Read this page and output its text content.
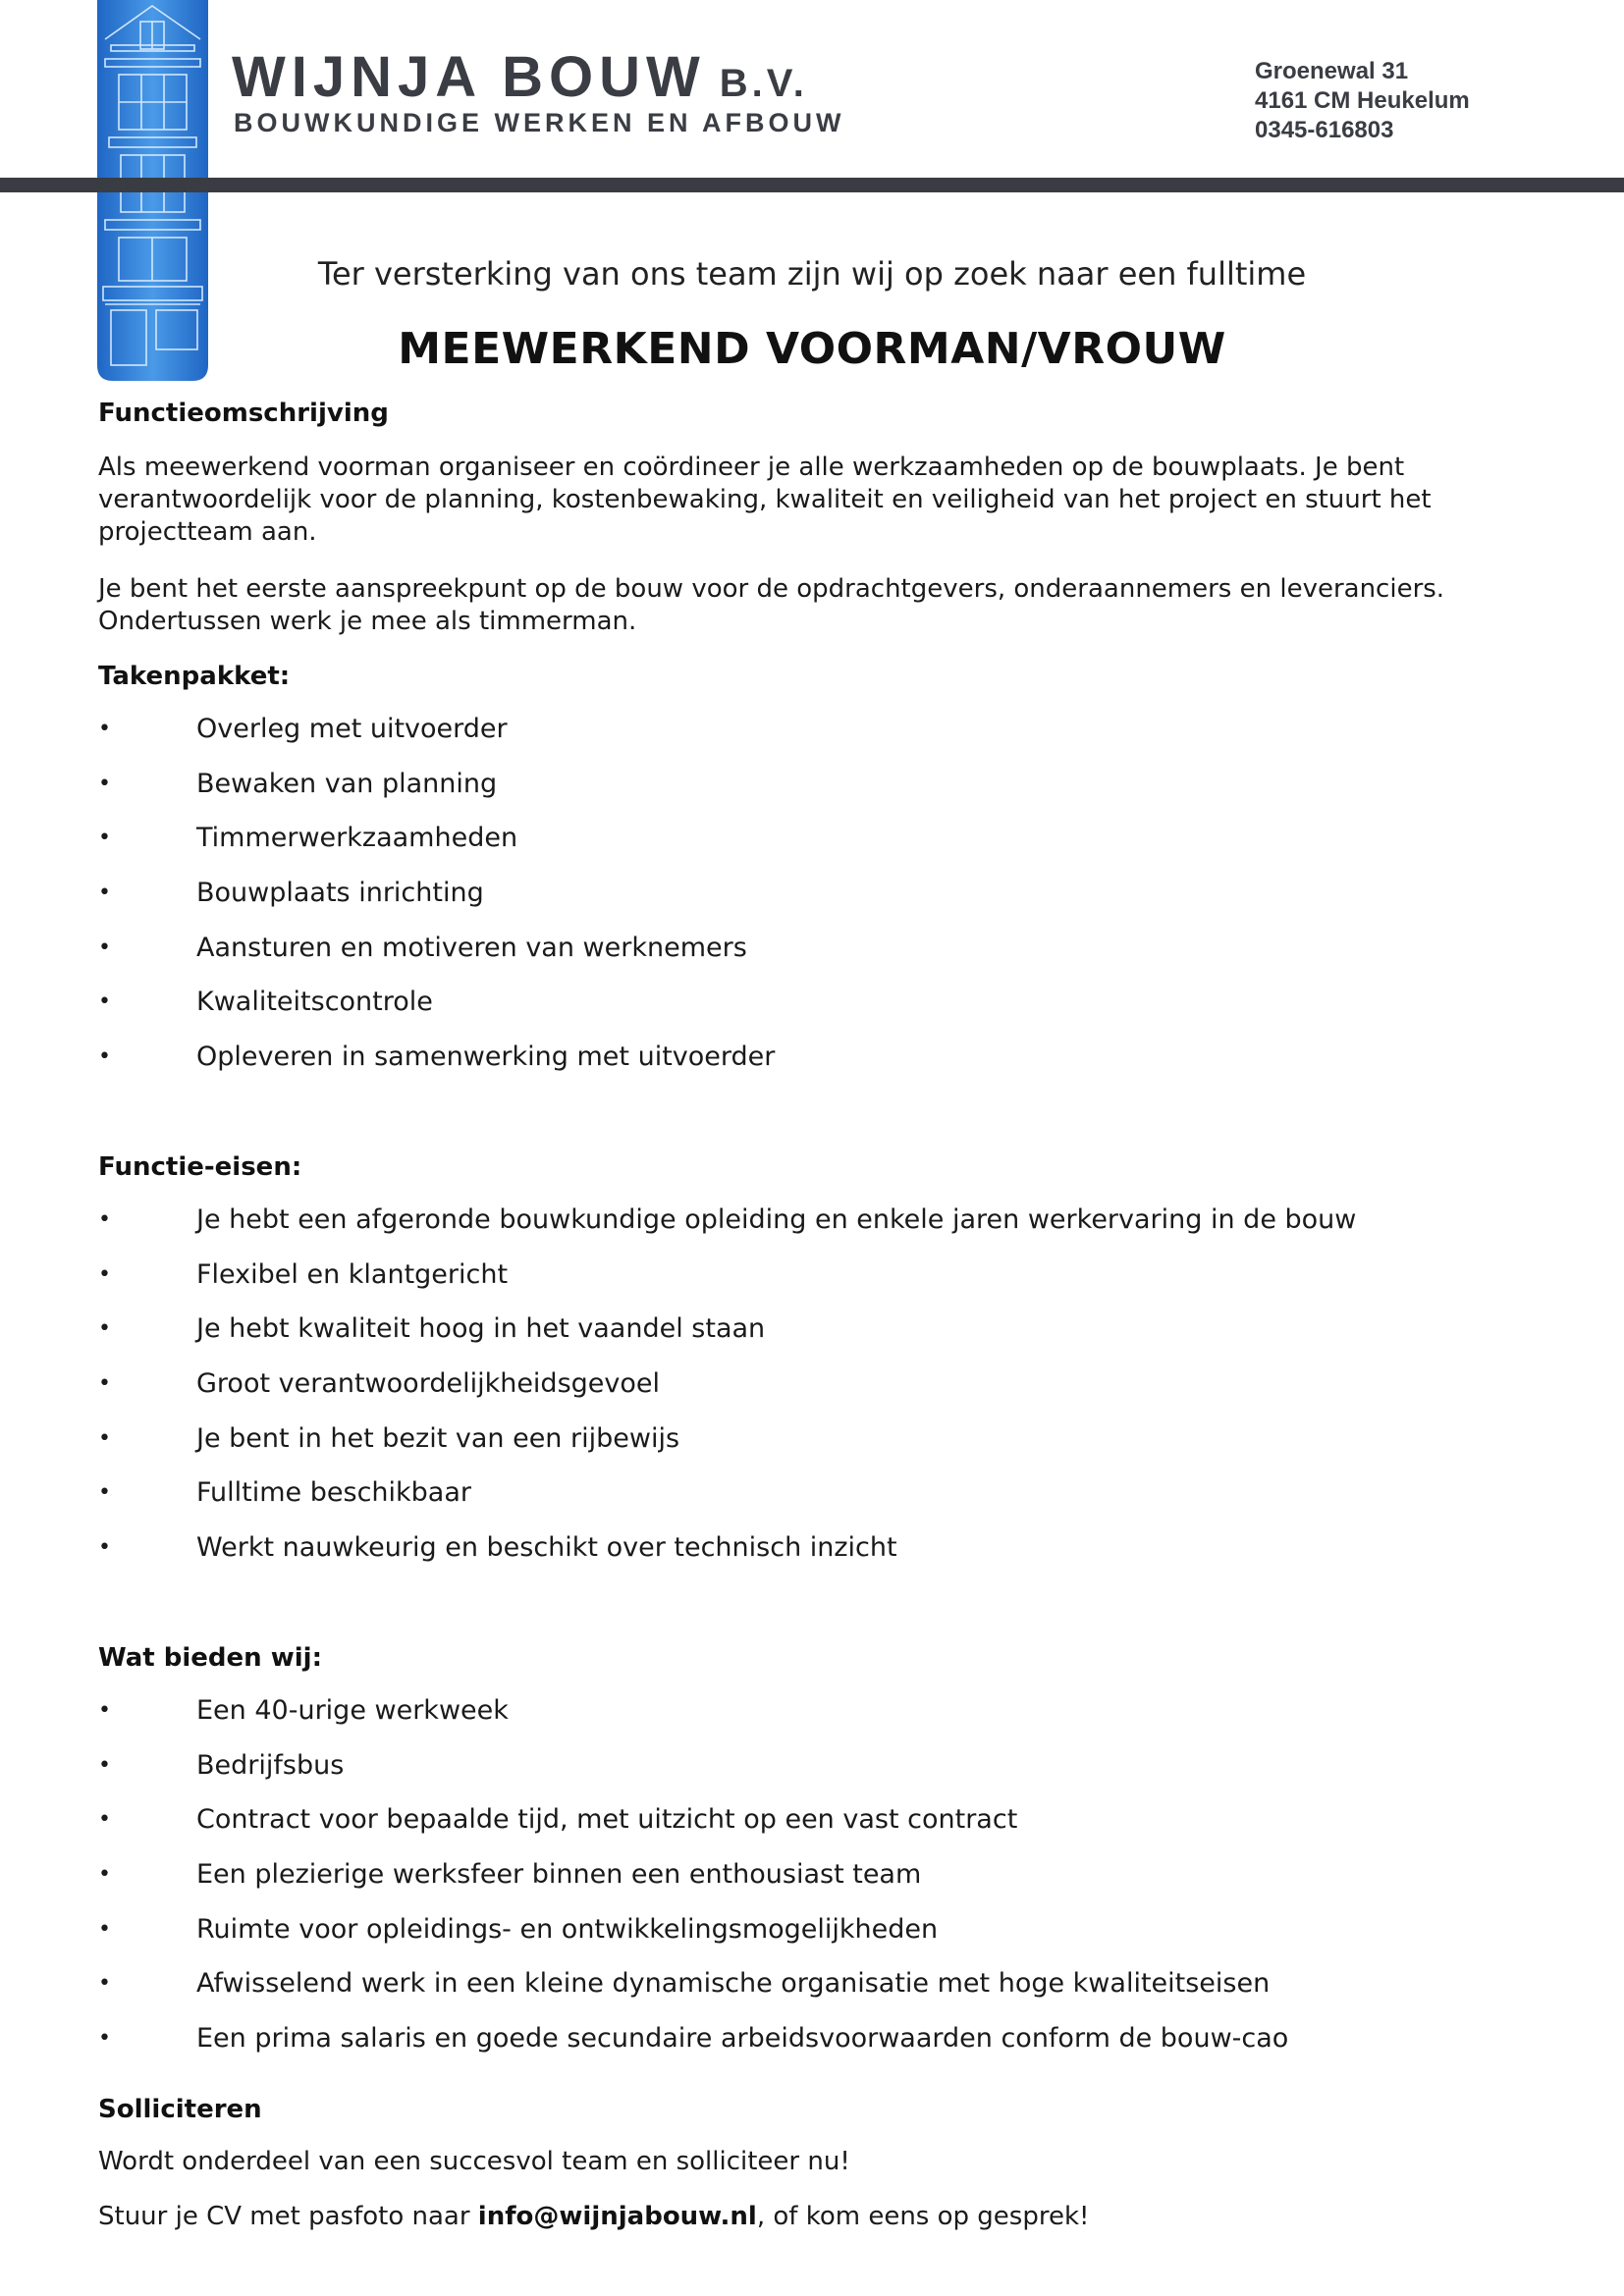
WIJNJA BOUW B.V.
BOUWKUNDIGE WERKEN EN AFBOUW
Groenewal 31
4161 CM Heukelum
0345-616803
Ter versterking van ons team zijn wij op zoek naar een fulltime
MEEWERKEND VOORMAN/VROUW
Functieomschrijving
Als meewerkend voorman organiseer en coördineer je alle werkzaamheden op de bouwplaats. Je bent verantwoordelijk voor de planning, kostenbewaking, kwaliteit en veiligheid van het project en stuurt het projectteam aan.
Je bent het eerste aanspreekpunt op de bouw voor de opdrachtgevers, onderaannemers en leveranciers. Ondertussen werk je mee als timmerman.
Takenpakket:
•	Overleg met uitvoerder
•	Bewaken van planning
•	Timmerwerkzaamheden
•	Bouwplaats inrichting
•	Aansturen en motiveren van werknemers
•	Kwaliteitscontrole
•	Opleveren in samenwerking met uitvoerder
Functie-eisen:
•	Je hebt een afgeronde bouwkundige opleiding en enkele jaren werkervaring in de bouw
•	Flexibel en klantgericht
•	Je hebt kwaliteit hoog in het vaandel staan
•	Groot verantwoordelijkheidsgevoel
•	Je bent in het bezit van een rijbewijs
•	Fulltime beschikbaar
•	Werkt nauwkeurig en beschikt over technisch inzicht
Wat bieden wij:
•	Een 40-urige werkweek
•	Bedrijfsbus
•	Contract voor bepaalde tijd, met uitzicht op een vast contract
•	Een plezierige werksfeer binnen een enthousiast team
•	Ruimte voor opleidings- en ontwikkelingsmogelijkheden
•	Afwisselend werk in een kleine dynamische organisatie met hoge kwaliteitseisen
•	Een prima salaris en goede secundaire arbeidsvoorwaarden conform de bouw-cao
Solliciteren
Wordt onderdeel van een succesvol team en solliciteer nu!
Stuur je CV met pasfoto naar info@wijnjabouw.nl, of kom eens op gesprek!
